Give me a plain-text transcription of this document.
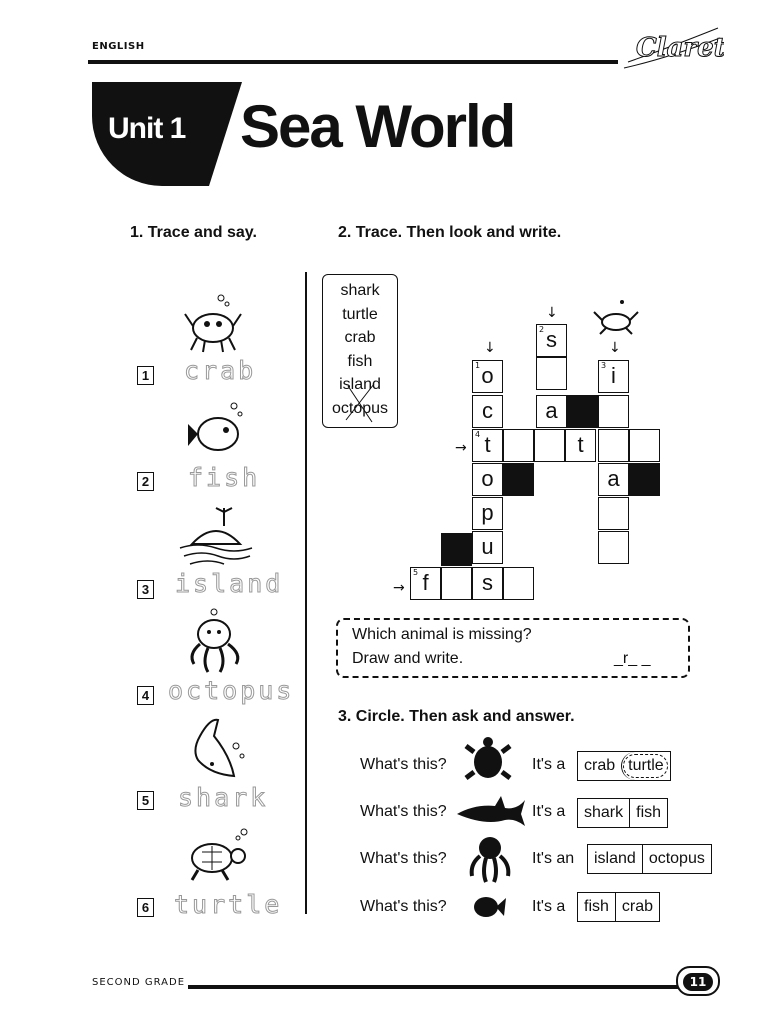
ENGLISH	Claret
Unit 1 Sea World
1. Trace and say.	2. Trace. Then look and write.
1 crab
2 fish
3 island
4 octopus
5 shark
6 turtle
shark
turtle
crab
fish
island
octopus
2 s
a
1 o
c
4 t
o
p
u
s
t
3 i
a
5 f
↓
↓
↓
→
→
Which animal is missing?
Draw and write.	_r_ _
3. Circle. Then ask and answer.
What's this?	It's a	crab turtle
What's this?	It's a	shark fish
What's this?	It's an	island octopus
What's this?	It's a	fish crab
SECOND GRADE	11
